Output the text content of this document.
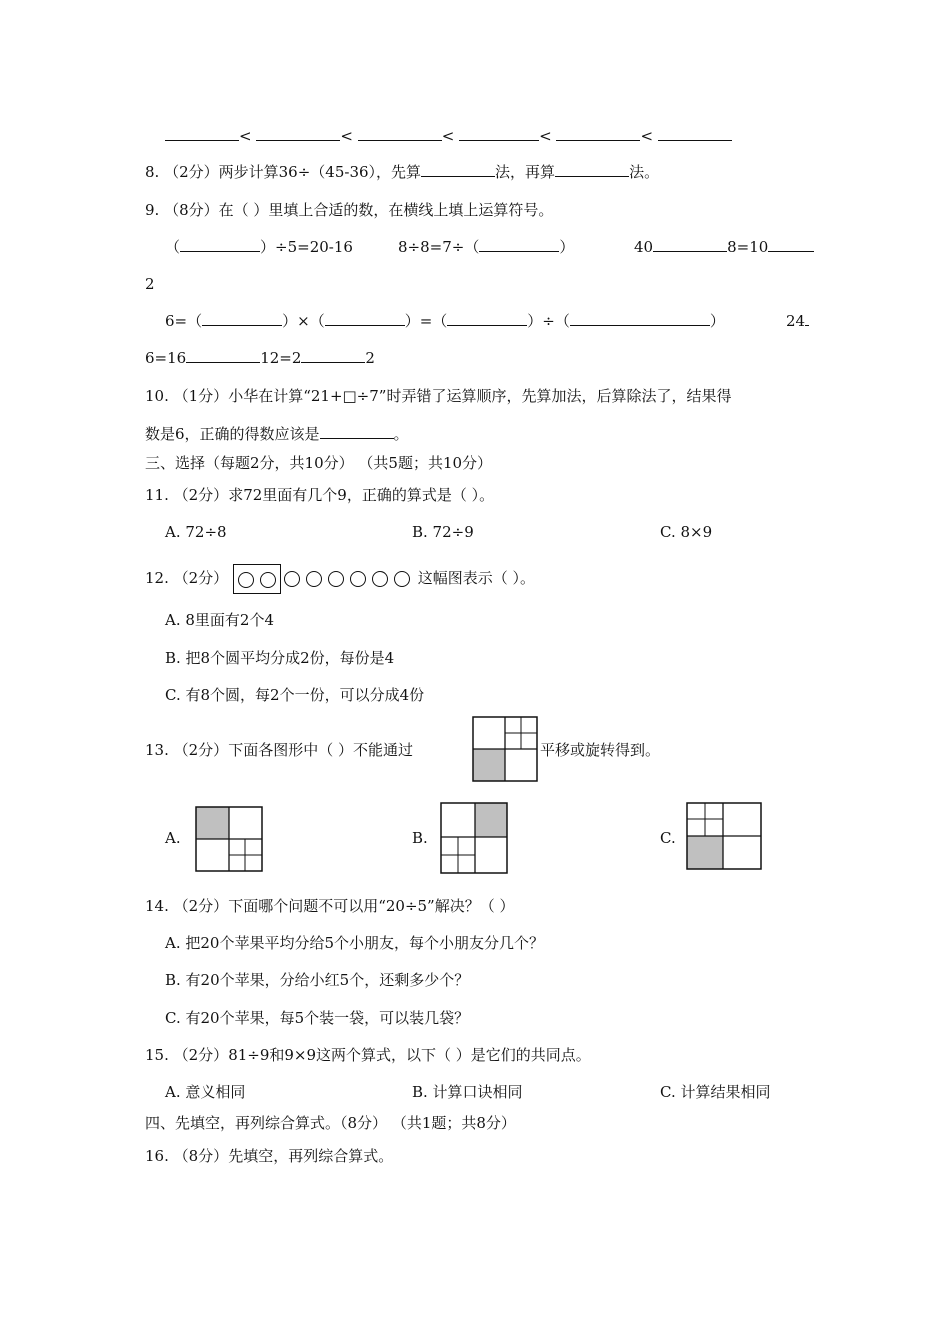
<	<	<	<	<
8. （2分）两步计算36÷（45-36），先算	法，再算	法。
9. （8分）在（ ）里填上合适的数，在横线上填上运算符号。
（	）÷5=20-16	8÷8=7÷（	）	40	8=10
2
6=（	）×（	）=（	）÷（	）	24
6=16	12=2	2
10. （1分）小华在计算“21+□÷7”时弄错了运算顺序，先算加法，后算除法了，结果得
数是6，正确的得数应该是	。
三、选择（每题2分，共10分） （共5题；共10分）
11. （2分）求72里面有几个9，正确的算式是（ ）。
A. 72÷8	B. 72÷9	C. 8×9
12. （2分）	这幅图表示（ ）。
A. 8里面有2个4
B. 把8个圆平均分成2份，每份是4
C. 有8个圆，每2个一份，可以分成4份
13. （2分）下面各图形中（ ）不能通过	平移或旋转得到。
A.	B.	C.
14. （2分）下面哪个问题不可以用“20÷5”解决？（ ）
A. 把20个苹果平均分给5个小朋友，每个小朋友分几个？
B. 有20个苹果，分给小红5个，还剩多少个？
C. 有20个苹果，每5个装一袋，可以装几袋？
15. （2分）81÷9和9×9这两个算式，以下（ ）是它们的共同点。
A. 意义相同	B. 计算口诀相同	C. 计算结果相同
四、先填空，再列综合算式。（8分） （共1题；共8分）
16. （8分）先填空，再列综合算式。
